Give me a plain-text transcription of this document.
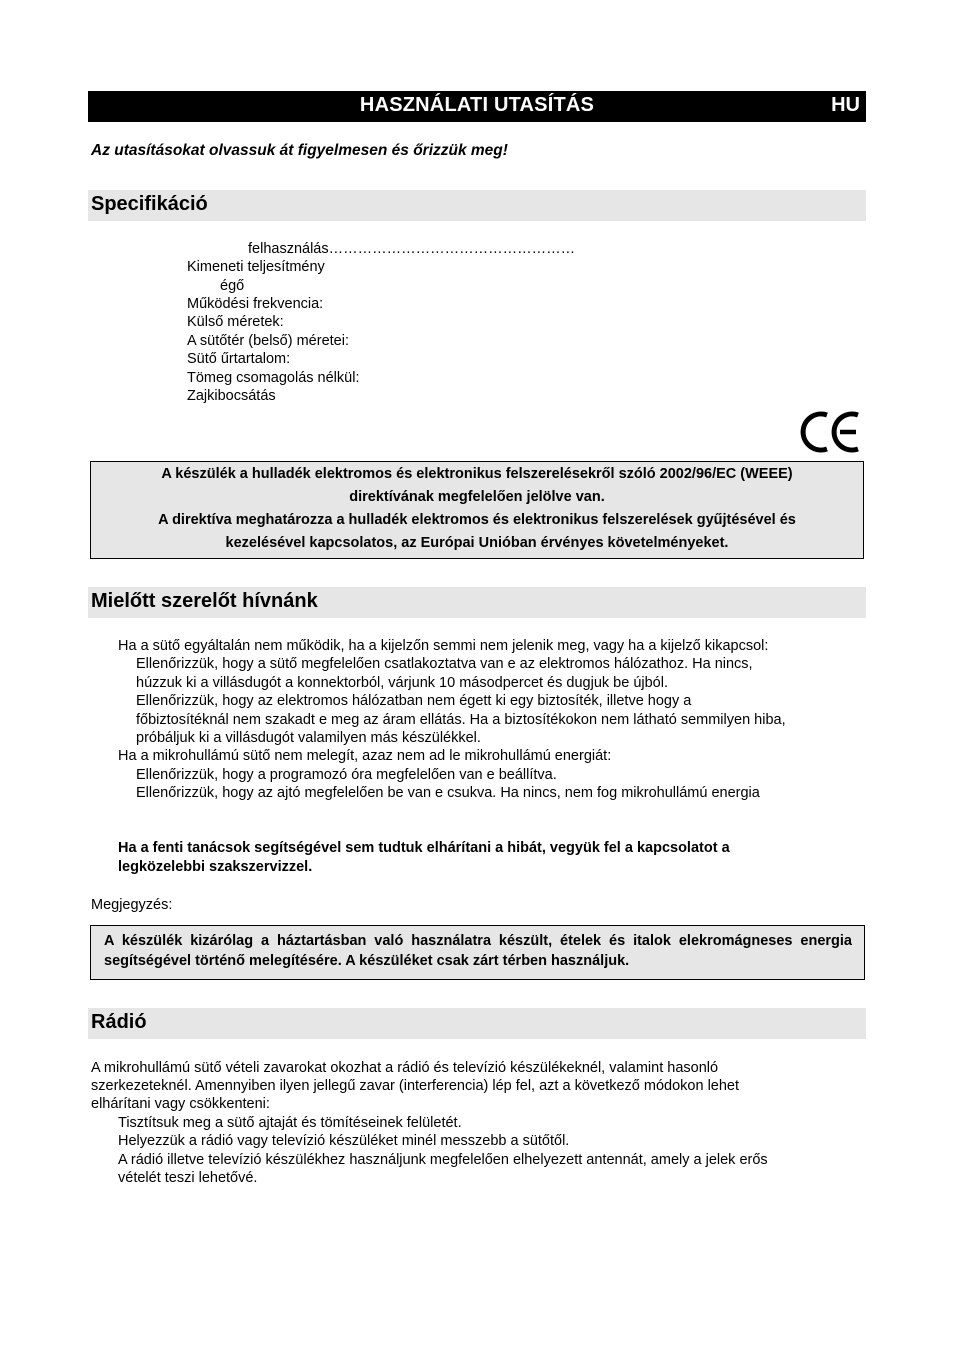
HASZNÁLATI UTASÍTÁS	HU
Az utasításokat olvassuk át figyelmesen és őrizzük meg!
Specifikáció
felhasználás……………………………………………
Kimeneti teljesítmény
égő
Működési frekvencia:
Külső méretek:
A sütőtér (belső) méretei:
Sütő űrtartalom:
Tömeg csomagolás nélkül:
Zajkibocsátás

A készülék a hulladék elektromos és elektronikus felszerelésekről szóló 2002/96/EC (WEEE)

direktívának megfelelően jelölve van.

A direktíva meghatározza a hulladék elektromos és elektronikus felszerelések gyűjtésével és

kezelésével kapcsolatos, az Európai Unióban érvényes követelményeket.

Mielőtt szerelőt hívnánk
Ha a sütő egyáltalán nem működik, ha a kijelzőn semmi nem jelenik meg, vagy ha a kijelző kikapcsol:
Ellenőrizzük, hogy a sütő megfelelően csatlakoztatva van e az elektromos hálózathoz. Ha nincs,
húzzuk ki a villásdugót a konnektorból, várjunk 10 másodpercet és dugjuk be újból.
Ellenőrizzük, hogy az elektromos hálózatban nem égett ki egy biztosíték, illetve hogy a
főbiztosítéknál nem szakadt e meg az áram ellátás. Ha a biztosítékokon nem látható semmilyen hiba,
próbáljuk ki a villásdugót valamilyen más készülékkel.
Ha a mikrohullámú sütő nem melegít, azaz nem ad le mikrohullámú energiát:
Ellenőrizzük, hogy a programozó óra megfelelően van e beállítva.
Ellenőrizzük, hogy az ajtó megfelelően be van e csukva. Ha nincs, nem fog mikrohullámú energia
Ha a fenti tanácsok segítségével sem tudtuk elhárítani a hibát, vegyük fel a kapcsolatot a
legközelebbi szakszervizzel.
Megjegyzés:

A készülék kizárólag a háztartásban való használatra készült, ételek és italok elekromágneses energia segítségével történő melegítésére. A készüléket csak zárt térben használjuk.

Rádió
A mikrohullámú sütő vételi zavarokat okozhat a rádió és televízió készülékeknél, valamint hasonló
szerkezeteknél. Amennyiben ilyen jellegű zavar (interferencia) lép fel, azt a következő módokon lehet
elhárítani vagy csökkenteni:
Tisztítsuk meg a sütő ajtaját és tömítéseinek felületét.
Helyezzük a rádió vagy televízió készüléket minél messzebb a sütőtől.
A rádió illetve televízió készülékhez használjunk megfelelően elhelyezett antennát, amely a jelek erős
vételét teszi lehetővé.
